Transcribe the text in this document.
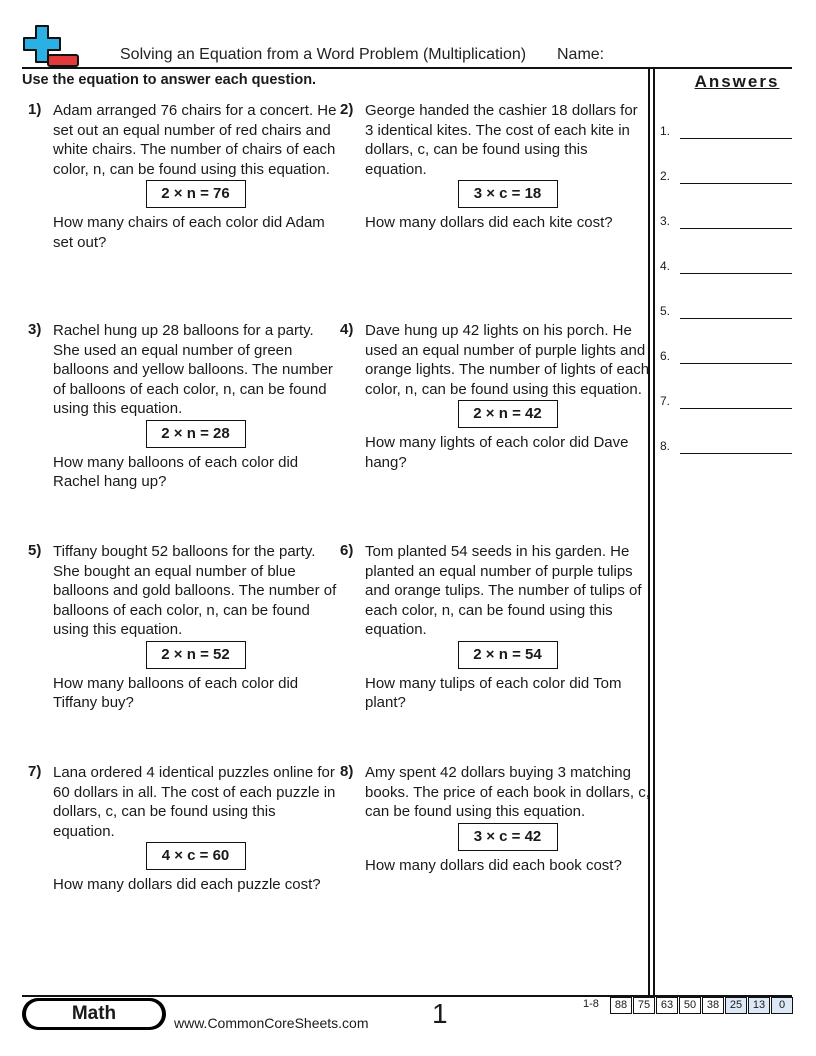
Solving an Equation from a Word Problem (Multiplication) Name:
Use the equation to answer each question.	Answers
1.
2.
3.
4.
5.
6.
7.
8.
1) Adam arranged 76 chairs for a concert. He set out an equal number of red chairs and white chairs. The number of chairs of each color, n, can be found using this equation.
2 × n = 76
How many chairs of each color did Adam set out?
2) George handed the cashier 18 dollars for 3 identical kites. The cost of each kite in dollars, c, can be found using this equation.
3 × c = 18
How many dollars did each kite cost?
3) Rachel hung up 28 balloons for a party. She used an equal number of green balloons and yellow balloons. The number of balloons of each color, n, can be found using this equation.
2 × n = 28
How many balloons of each color did Rachel hang up?
4) Dave hung up 42 lights on his porch. He used an equal number of purple lights and orange lights. The number of lights of each color, n, can be found using this equation.
2 × n = 42
How many lights of each color did Dave hang?
5) Tiffany bought 52 balloons for the party. She bought an equal number of blue balloons and gold balloons. The number of balloons of each color, n, can be found using this equation.
2 × n = 52
How many balloons of each color did Tiffany buy?
6) Tom planted 54 seeds in his garden. He planted an equal number of purple tulips and orange tulips. The number of tulips of each color, n, can be found using this equation.
2 × n = 54
How many tulips of each color did Tom plant?
7) Lana ordered 4 identical puzzles online for 60 dollars in all. The cost of each puzzle in dollars, c, can be found using this equation.
4 × c = 60
How many dollars did each puzzle cost?
8) Amy spent 42 dollars buying 3 matching books. The price of each book in dollars, c, can be found using this equation.
3 × c = 42
How many dollars did each book cost?
Math	www.CommonCoreSheets.com 1	1-8	88 75 63 50 38 25 13	0
